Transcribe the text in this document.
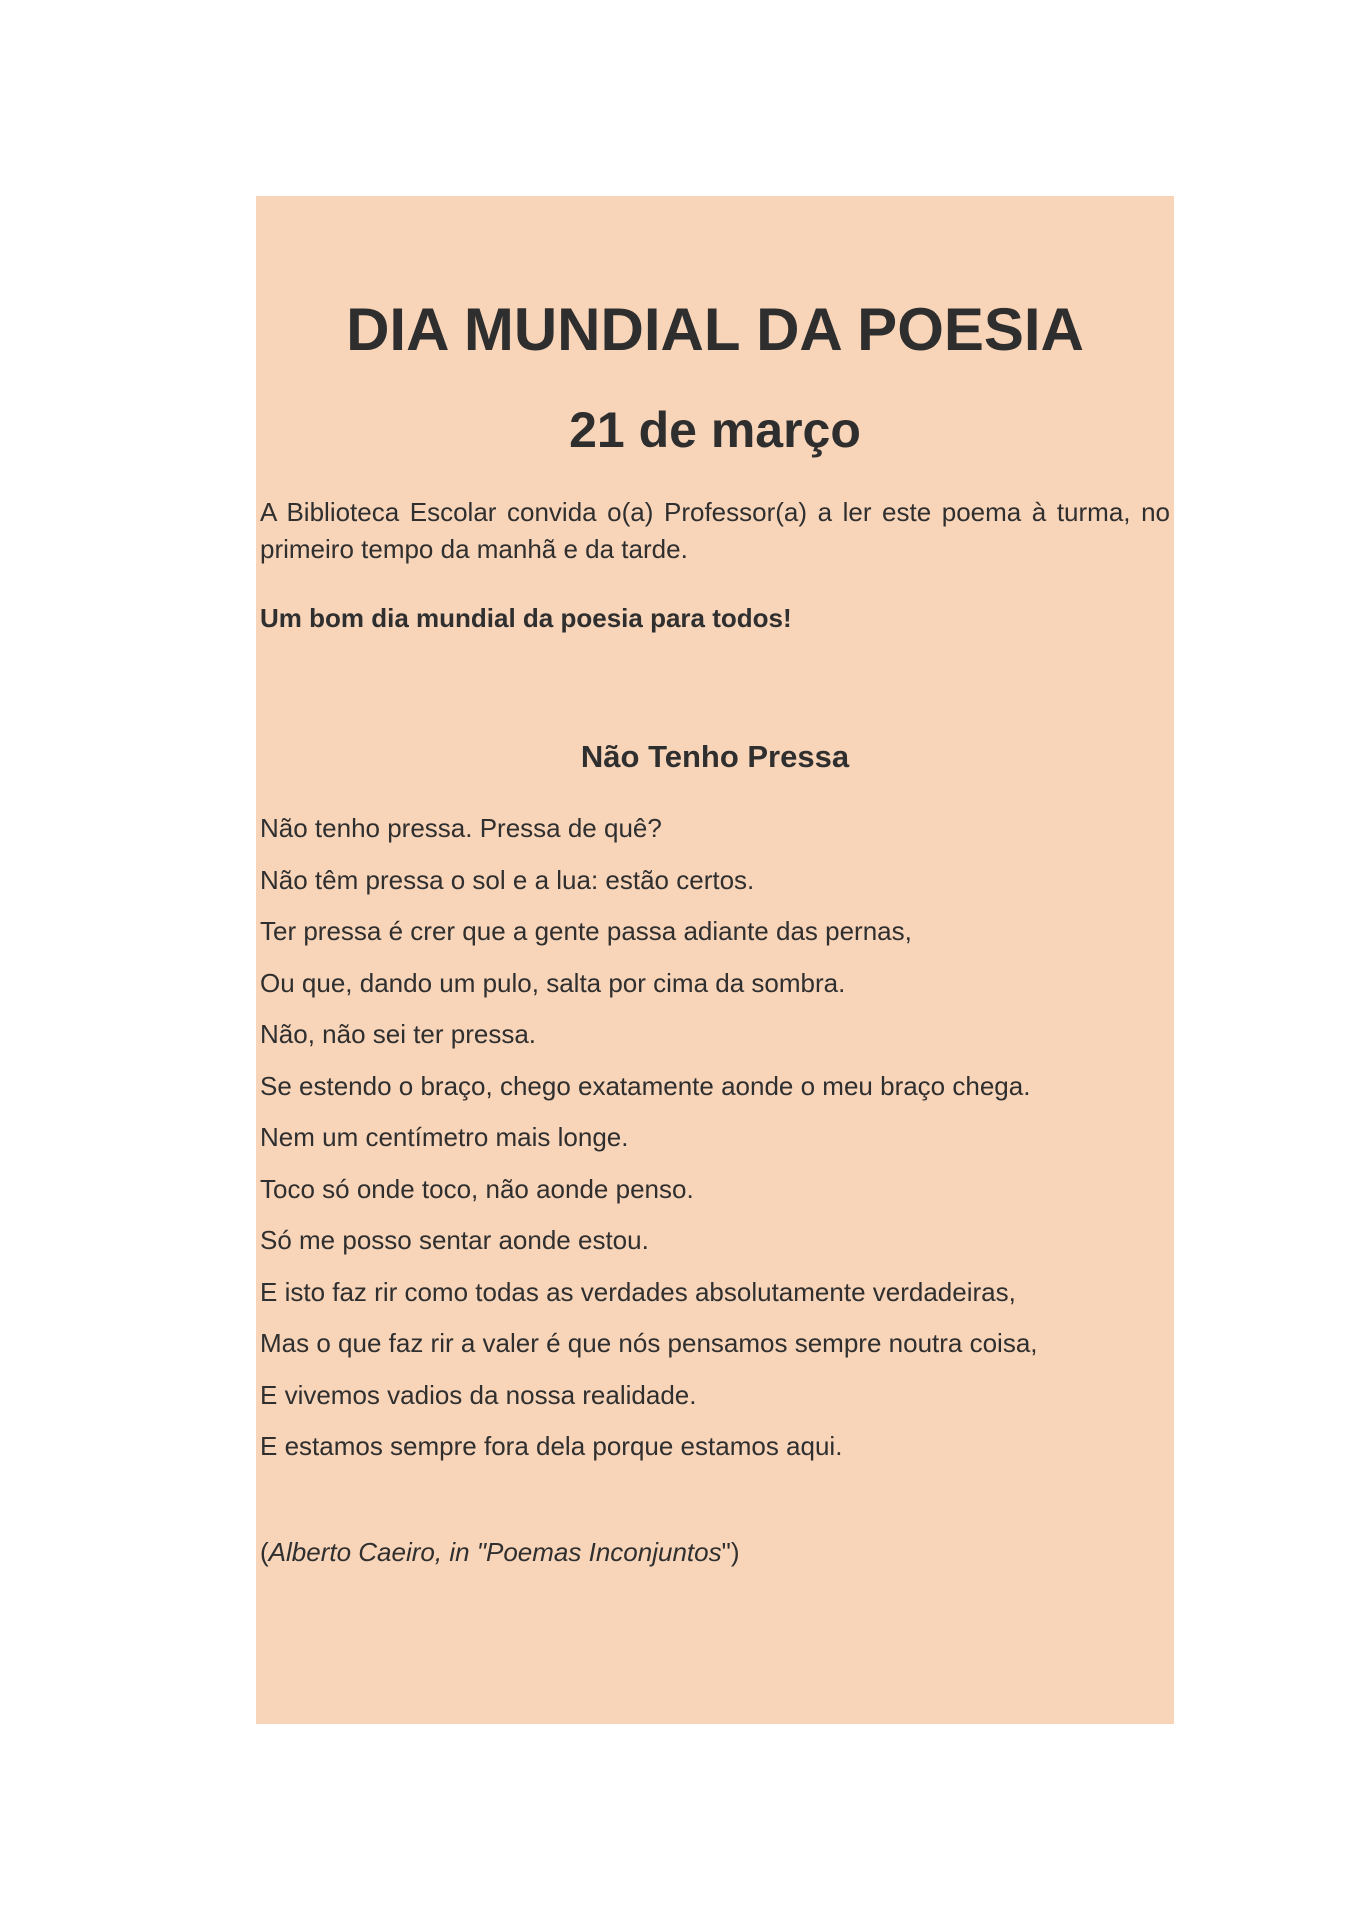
DIA MUNDIAL DA POESIA
21 de março
A Biblioteca Escolar convida o(a) Professor(a) a ler este poema à turma, no primeiro tempo da manhã e da tarde.
Um bom dia mundial da poesia para todos!
Não Tenho Pressa
Não tenho pressa. Pressa de quê?
Não têm pressa o sol e a lua: estão certos.
Ter pressa é crer que a gente passa adiante das pernas,
Ou que, dando um pulo, salta por cima da sombra.
Não, não sei ter pressa.
Se estendo o braço, chego exatamente aonde o meu braço chega.
Nem um centímetro mais longe.
Toco só onde toco, não aonde penso.
Só me posso sentar aonde estou.
E isto faz rir como todas as verdades absolutamente verdadeiras,
Mas o que faz rir a valer é que nós pensamos sempre noutra coisa,
E vivemos vadios da nossa realidade.
E estamos sempre fora dela porque estamos aqui.
(Alberto Caeiro, in "Poemas Inconjuntos")
